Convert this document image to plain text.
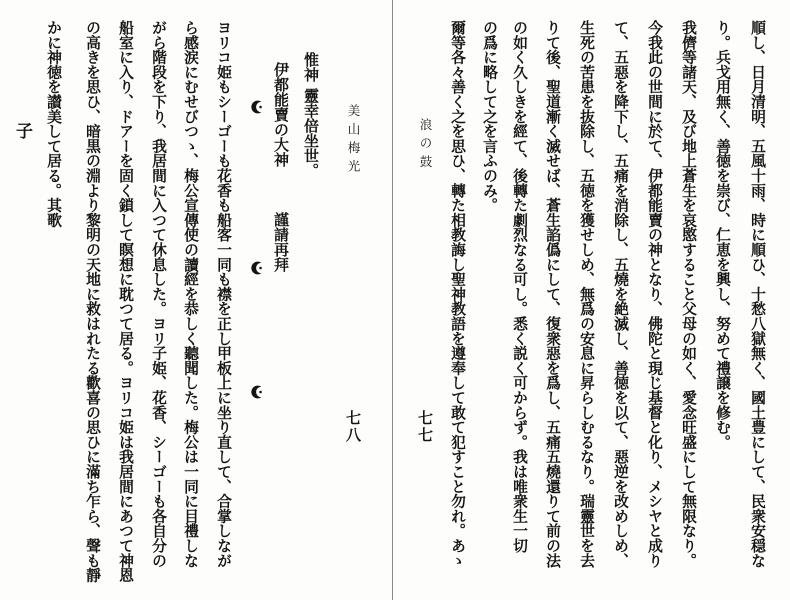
子 かに神徳を讃美して居る。其歌 の高きを思ひ、暗黒の淵より黎明の天地に救はれたる歡喜の思ひに滿ち乍ら、聲も靜 船室に入り、ドアーを固く鎖して瞑想に耽つて居る。ヨリコ姫は我居間にあつて神恩 がら階段を下り、我居間に入つて休息した。ヨリ子姫、花香、シーゴーも各自分の ら感涙にむせびつゝ、梅公宣傳使の讀經を恭しく聽聞した。梅公は一同に目禮しな ヨリコ姫もシーゴーも花香も船客一同も襟を正し甲板上に坐り直して、合掌しなが	伊都能賣の大神
謹請再拜
惟神
靈幸倍坐世。 美山梅光
七八
浪の鼓
七七 爾等各々善く之を思ひ、轉た相教誨し聖神教語を遵奉して敢て犯すこと勿れ。あゝ の爲に略して之を言ふのみ。 の如く久しきを經て、後轉た劇烈なる可し。悉く説く可からず。我は唯衆生一切 りて後、聖道漸く滅せば、蒼生諂僞にして、復衆惡を爲し、五痛五燒還りて前の法 生死の苦患を抜除し、五徳を獲せしめ、無爲の安息に昇らしむるなり。瑞靈世を去 て、五惡を降下し、五痛を消除し、五燒を絶滅し、善徳を以て、惡逆を改めしめ、 今我此の世間に於て、伊都能賣の神となり、佛陀と現じ基督と化り、メシヤと成り 我儕等諸天、及び地上蒼生を哀愍すること父母の如く、愛念旺盛にして無限なり。 り。兵戈用無く、善徳を崇び、仁恵を興し、努めて禮譲を修む。 順し、日月清明、五風十雨、時に順ひ、十愁八獄無く、國土豊にして、民衆安穏な
